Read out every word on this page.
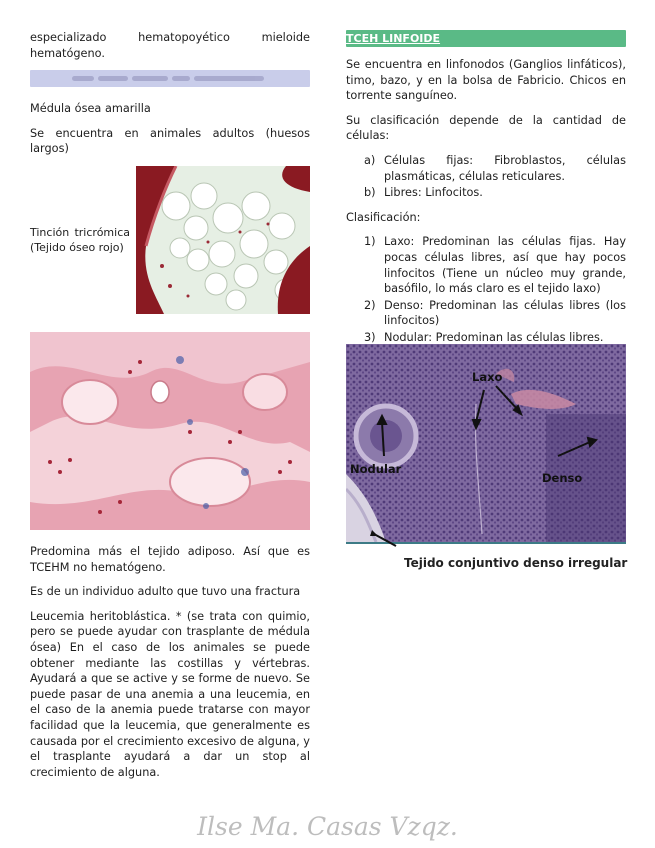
especializado hematopoyético mieloide hematógeno.

Médula ósea amarilla

Se encuentra en animales adultos (huesos largos)

Tinción tricrómica (Tejido óseo rojo)

Predomina más el tejido adiposo. Así que es TCEHM no hematógeno.

Es de un individuo adulto que tuvo una fractura

Leucemia heritoblástica. * (se trata con quimio, pero se puede ayudar con trasplante de médula ósea) En el caso de los animales se puede obtener mediante las costillas y vértebras. Ayudará a que se active y se forme de nuevo. Se puede pasar de una anemia a una leucemia, en el caso de la anemia puede tratarse con mayor facilidad que la leucemia, que generalmente es causada por el crecimiento excesivo de alguna, y el trasplante ayudará a dar un stop al crecimiento de alguna.

TCEH LINFOIDE

Se encuentra en linfonodos (Ganglios linfáticos), timo, bazo, y en la bolsa de Fabricio. Chicos en torrente sanguíneo.

Su clasificación depende de la cantidad de células:

a) Células fijas: Fibroblastos, células plasmáticas, células reticulares.
b) Libres: Linfocitos.

Clasificación:

1) Laxo: Predominan las células fijas. Hay pocas células libres, así que hay pocos linfocitos (Tiene un núcleo muy grande, basófilo, lo más claro es el tejido laxo)
2) Denso: Predominan las células libres (los linfocitos)
3) Nodular: Predominan las células libres.
Laxo
Nodular
Denso
Tejido conjuntivo denso irregular
Ilse Ma. Casas Vzqz.
